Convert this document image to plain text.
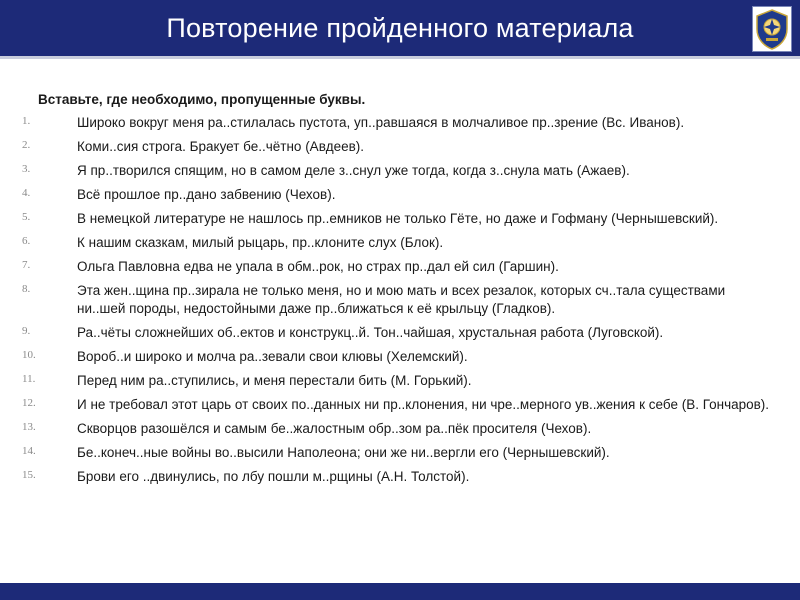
Повторение пройденного материала
Вставьте, где необходимо, пропущенные буквы.
1.	Широко вокруг меня ра..стилалась пустота, уп..равшаяся в молчаливое пр..зрение (Вс. Иванов).
2.	Коми..сия строга. Бракует бе..чётно (Авдеев).
3.	Я пр..творился спящим, но в самом деле з..снул уже тогда, когда з..снула мать (Ажаев).
4.	Всё прошлое пр..дано забвению (Чехов).
5.	В немецкой литературе не нашлось пр..емников не только Гёте, но даже и Гофману (Чернышевский).
6.	К нашим сказкам, милый рыцарь, пр..клоните слух (Блок).
7.	Ольга Павловна едва не упала в обм..рок, но страх пр..дал ей сил (Гаршин).
8.	Эта жен..щина пр..зирала не только меня, но и мою мать и всех резалок, которых сч..тала существами ни..шей породы, недостойными даже пр..ближаться к её крыльцу (Гладков).
9.	Ра..чёты сложнейших об..ектов и конструкц..й. Тон..чайшая, хрустальная работа (Луговской).
10.	Вороб..и широко и молча ра..зевали свои клювы (Хелемский).
11.	Перед ним ра..ступились, и меня перестали бить (М. Горький).
12.	И не требовал этот царь от своих по..данных ни пр..клонения, ни чре..мерного ув..жения к себе (В. Гончаров).
13.	Скворцов разошёлся и самым бе..жалостным обр..зом ра..пёк просителя (Чехов).
14.	Бе..конеч..ные войны во..высили Наполеона; они же ни..вергли его (Чернышевский).
15.	Брови его ..двинулись, по лбу пошли м..рщины (А.Н. Толстой).
